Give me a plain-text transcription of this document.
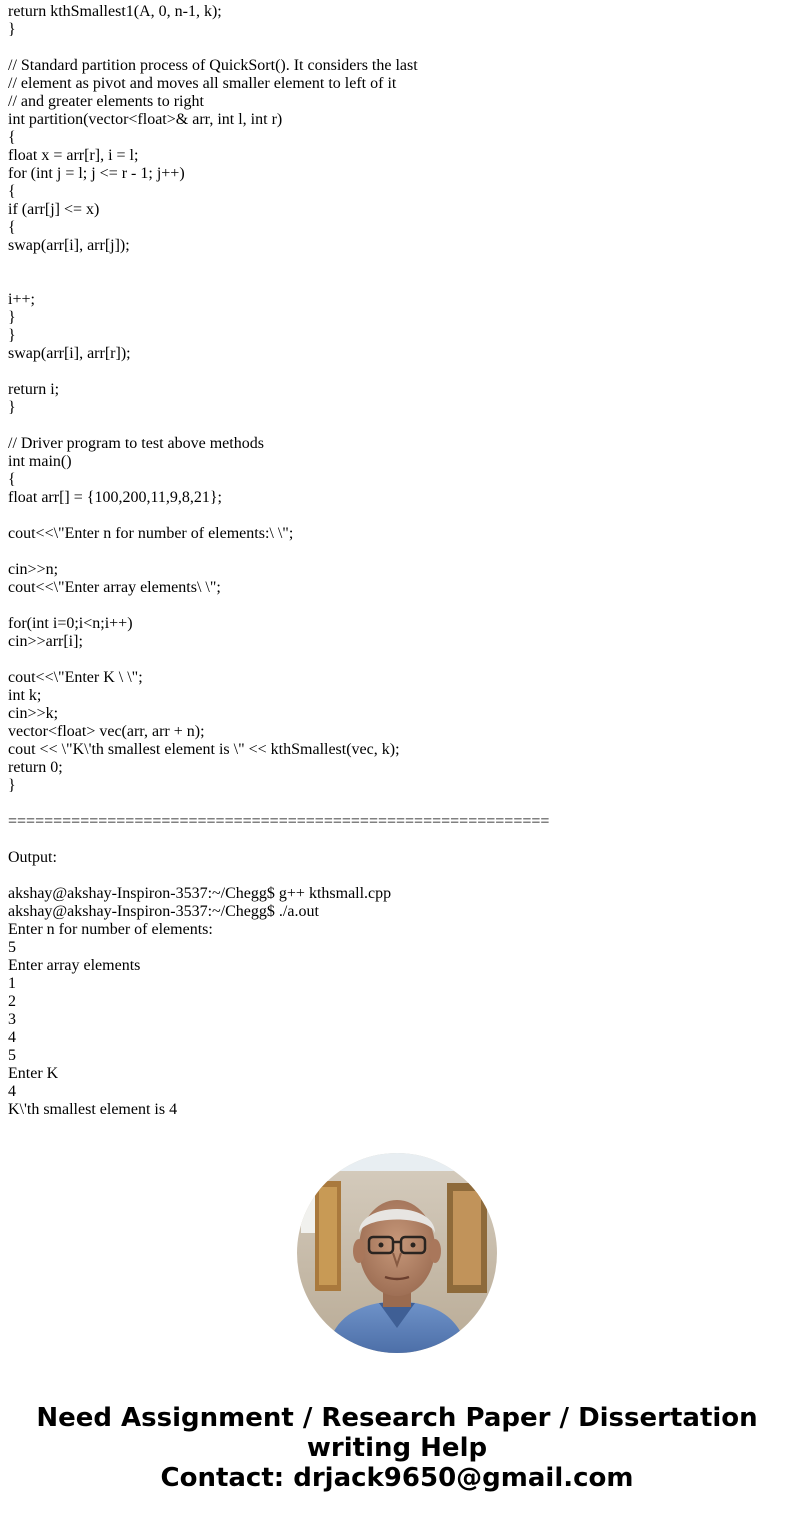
return kthSmallest1(A, 0, n-1, k);
}
// Standard partition process of QuickSort(). It considers the last
// element as pivot and moves all smaller element to left of it
// and greater elements to right
int partition(vector<float>& arr, int l, int r)
{
float x = arr[r], i = l;
for (int j = l; j <= r - 1; j++)
{
if (arr[j] <= x)
{
swap(arr[i], arr[j]);
i++;
}
}
swap(arr[i], arr[r]);
return i;
}
// Driver program to test above methods
int main()
{
float arr[] = {100,200,11,9,8,21};
cout<<\"Enter n for number of elements:\ \";
cin>>n;
cout<<\"Enter array elements\ \";
for(int i=0;i<n;i++)
cin>>arr[i];
cout<<\"Enter K \ \";
int k;
cin>>k;
vector<float> vec(arr, arr + n);
cout << \"K\'th smallest element is \" << kthSmallest(vec, k);
return 0;
}
============================================================
Output:
akshay@akshay-Inspiron-3537:~/Chegg$ g++ kthsmall.cpp
akshay@akshay-Inspiron-3537:~/Chegg$ ./a.out
Enter n for number of elements:
5
Enter array elements
1
2
3
4
5
Enter K
4
K\'th smallest element is 4
Need Assignment / Research Paper / Dissertation
writing Help
Contact: drjack9650@gmail.com
